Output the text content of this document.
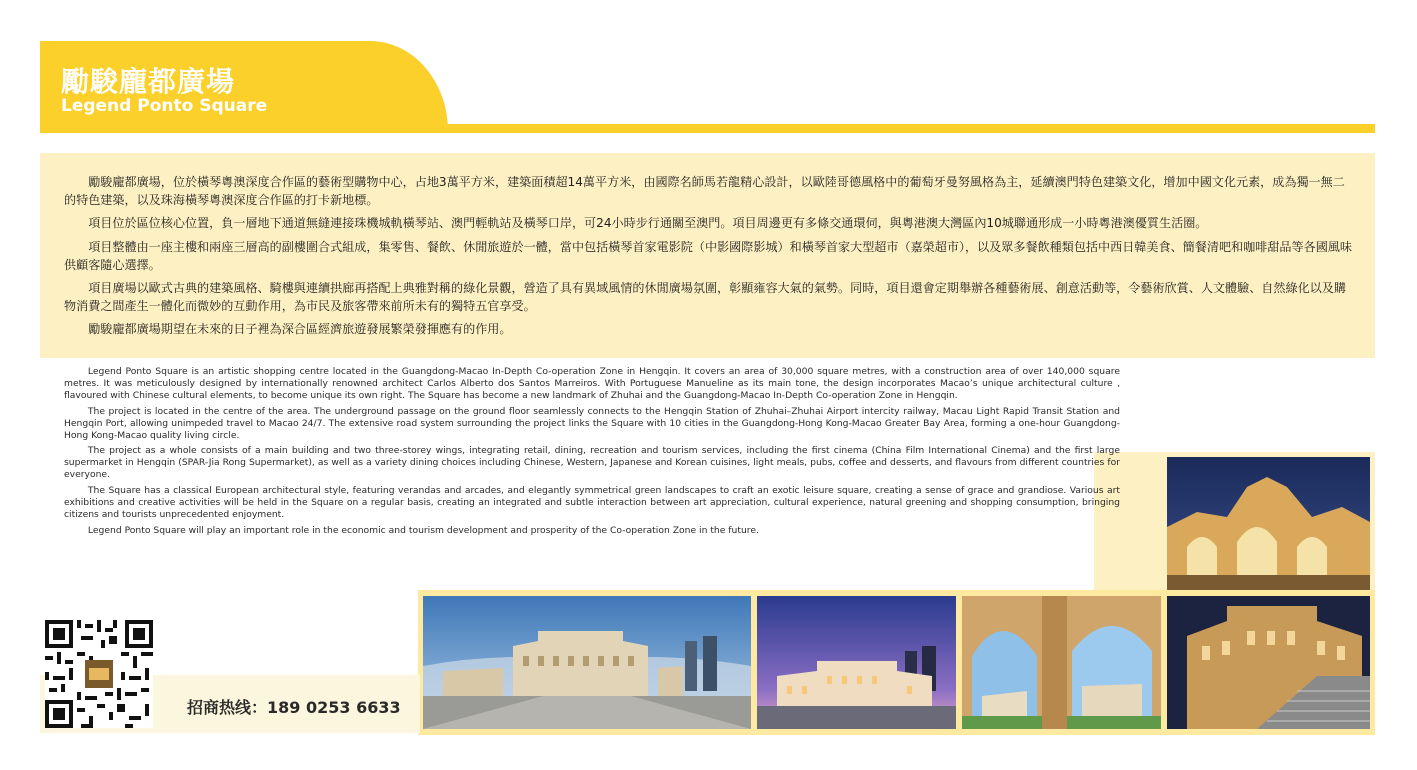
勵駿龐都廣場
Legend Ponto Square

勵駿龐都廣場，位於橫琴粵澳深度合作區的藝術型購物中心，占地3萬平方米，建築面積超14萬平方米，由國際名師馬若龍精心設計，以歐陸哥德風格中的葡萄牙曼努風格為主，延續澳門特色建築文化，增加中國文化元素，成為獨一無二的特色建築，以及珠海橫琴粵澳深度合作區的打卡新地標。

項目位於區位核心位置，負一層地下通道無縫連接珠機城軌橫琴站、澳門輕軌站及橫琴口岸，可24小時步行通關至澳門。項目周邊更有多條交通環伺，與粵港澳大灣區內10城聯通形成一小時粵港澳優質生活圈。

項目整體由一座主樓和兩座三層高的副樓圍合式組成，集零售、餐飲、休閒旅遊於一體，當中包括橫琴首家電影院（中影國際影城）和橫琴首家大型超市（嘉榮超市），以及眾多餐飲種類包括中西日韓美食、簡餐清吧和咖啡甜品等各國風味供顧客隨心選擇。

項目廣場以歐式古典的建築風格、騎樓與連續拱廊再搭配上典雅對稱的綠化景觀，營造了具有異域風情的休閒廣場氛圍，彰顯雍容大氣的氣勢。同時，項目還會定期舉辦各種藝術展、創意活動等，令藝術欣賞、人文體驗、自然綠化以及購物消費之間產生一體化而微妙的互動作用，為市民及旅客帶來前所未有的獨特五官享受。

勵駿龐都廣場期望在未來的日子裡為深合區經濟旅遊發展繁榮發揮應有的作用。

Legend Ponto Square is an artistic shopping centre located in the Guangdong-Macao In-Depth Co-operation Zone in Hengqin. It covers an area of 30,000 square metres, with a construction area of over 140,000 square metres. It was meticulously designed by internationally renowned architect Carlos Alberto dos Santos Marreiros. With Portuguese Manueline as its main tone, the design incorporates Macao’s unique architectural culture , flavoured with Chinese cultural elements, to become unique its own right. The Square has become a new landmark of Zhuhai and the Guangdong-Macao In-Depth Co-operation Zone in Hengqin.

The project is located in the centre of the area. The underground passage on the ground floor seamlessly connects to the Hengqin Station of Zhuhai–Zhuhai Airport intercity railway, Macau Light Rapid Transit Station and Hengqin Port, allowing unimpeded travel to Macao 24/7. The extensive road system surrounding the project links the Square with 10 cities in the Guangdong-Hong Kong-Macao Greater Bay Area, forming a one-hour Guangdong-Hong Kong-Macao quality living circle.

The project as a whole consists of a main building and two three-storey wings, integrating retail, dining, recreation and tourism services, including the first cinema (China Film International Cinema) and the first large supermarket in Hengqin (SPAR-Jia Rong Supermarket), as well as a variety dining choices including Chinese, Western, Japanese and Korean cuisines, light meals, pubs, coffee and desserts, and flavours from different countries for everyone.

The Square has a classical European architectural style, featuring verandas and arcades, and elegantly symmetrical green landscapes to craft an exotic leisure square, creating a sense of grace and grandiose. Various art exhibitions and creative activities will be held in the Square on a regular basis, creating an integrated and subtle interaction between art appreciation, cultural experience, natural greening and shopping consumption, bringing citizens and tourists unprecedented enjoyment.

Legend Ponto Square will play an important role in the economic and tourism development and prosperity of the Co-operation Zone in the future.

招商热线：189 0253 6633
